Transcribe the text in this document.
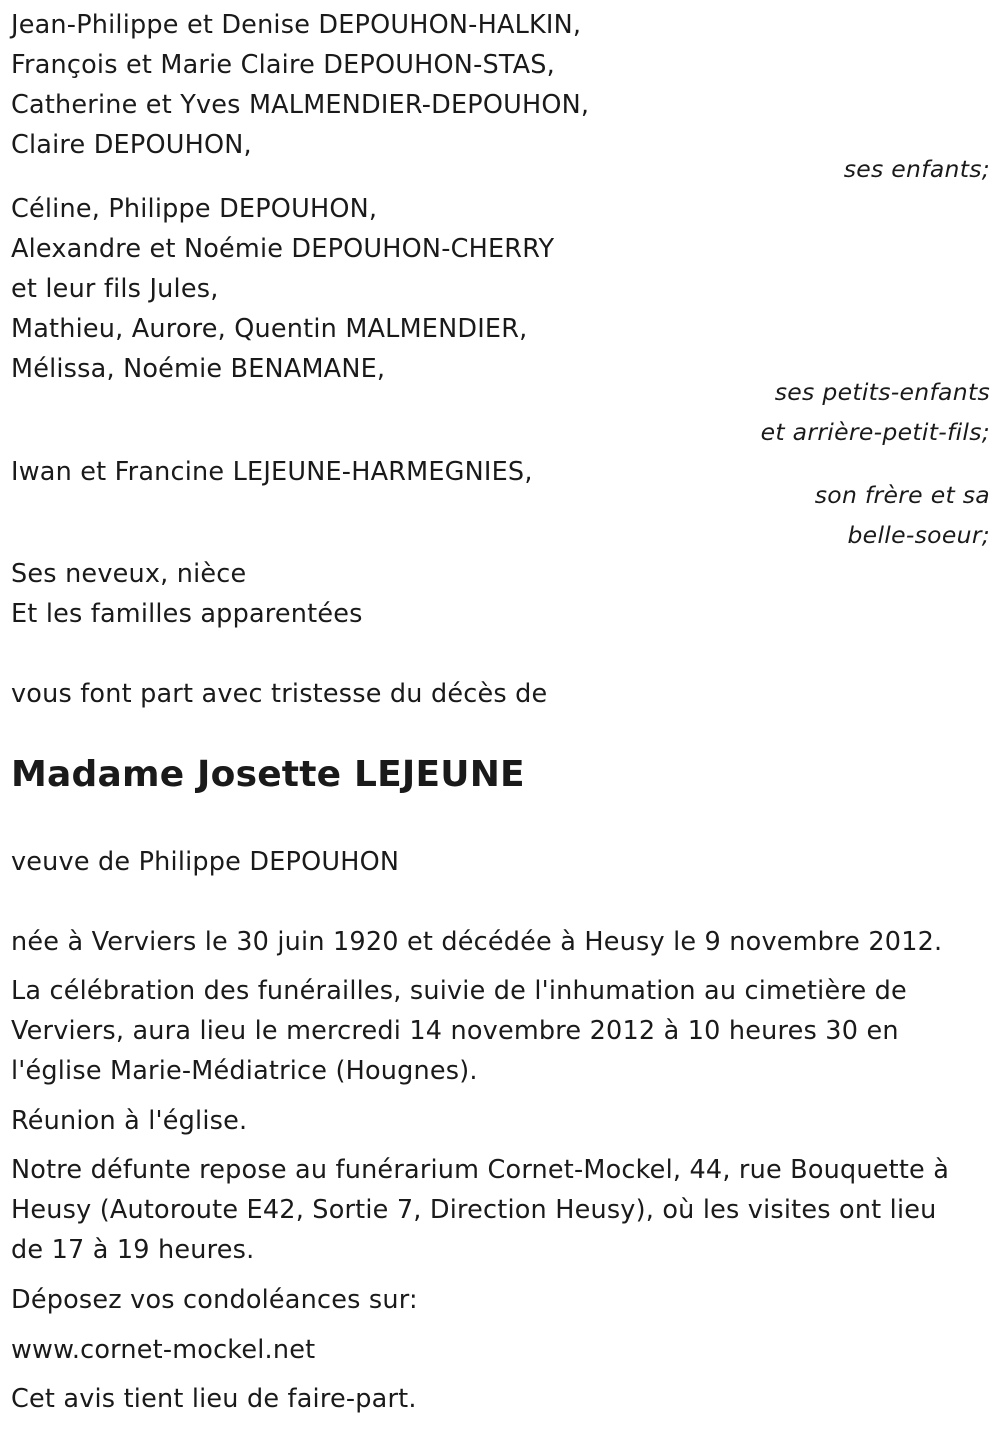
Jean-Philippe et Denise DEPOUHON-HALKIN,
François et Marie Claire DEPOUHON-STAS,
Catherine et Yves MALMENDIER-DEPOUHON,
Claire DEPOUHON,
ses enfants;
Céline, Philippe DEPOUHON,
Alexandre et Noémie DEPOUHON-CHERRY
et leur fils Jules,
Mathieu, Aurore, Quentin MALMENDIER,
Mélissa, Noémie BENAMANE,
ses petits-enfants
et arrière-petit-fils;
Iwan et Francine LEJEUNE-HARMEGNIES,
son frère et sa
belle-soeur;
Ses neveux, nièce
Et les familles apparentées
vous font part avec tristesse du décès de
Madame Josette LEJEUNE
veuve de Philippe DEPOUHON
née à Verviers le 30 juin 1920 et décédée à Heusy le 9 novembre 2012.
La célébration des funérailles, suivie de l'inhumation au cimetière de
Verviers, aura lieu le mercredi 14 novembre 2012 à 10 heures 30 en
l'église Marie-Médiatrice (Hougnes).
Réunion à l'église.
Notre défunte repose au funérarium Cornet-Mockel, 44, rue Bouquette à
Heusy (Autoroute E42, Sortie 7, Direction Heusy), où les visites ont lieu
de 17 à 19 heures.
Déposez vos condoléances sur:
www.cornet-mockel.net
Cet avis tient lieu de faire-part.
